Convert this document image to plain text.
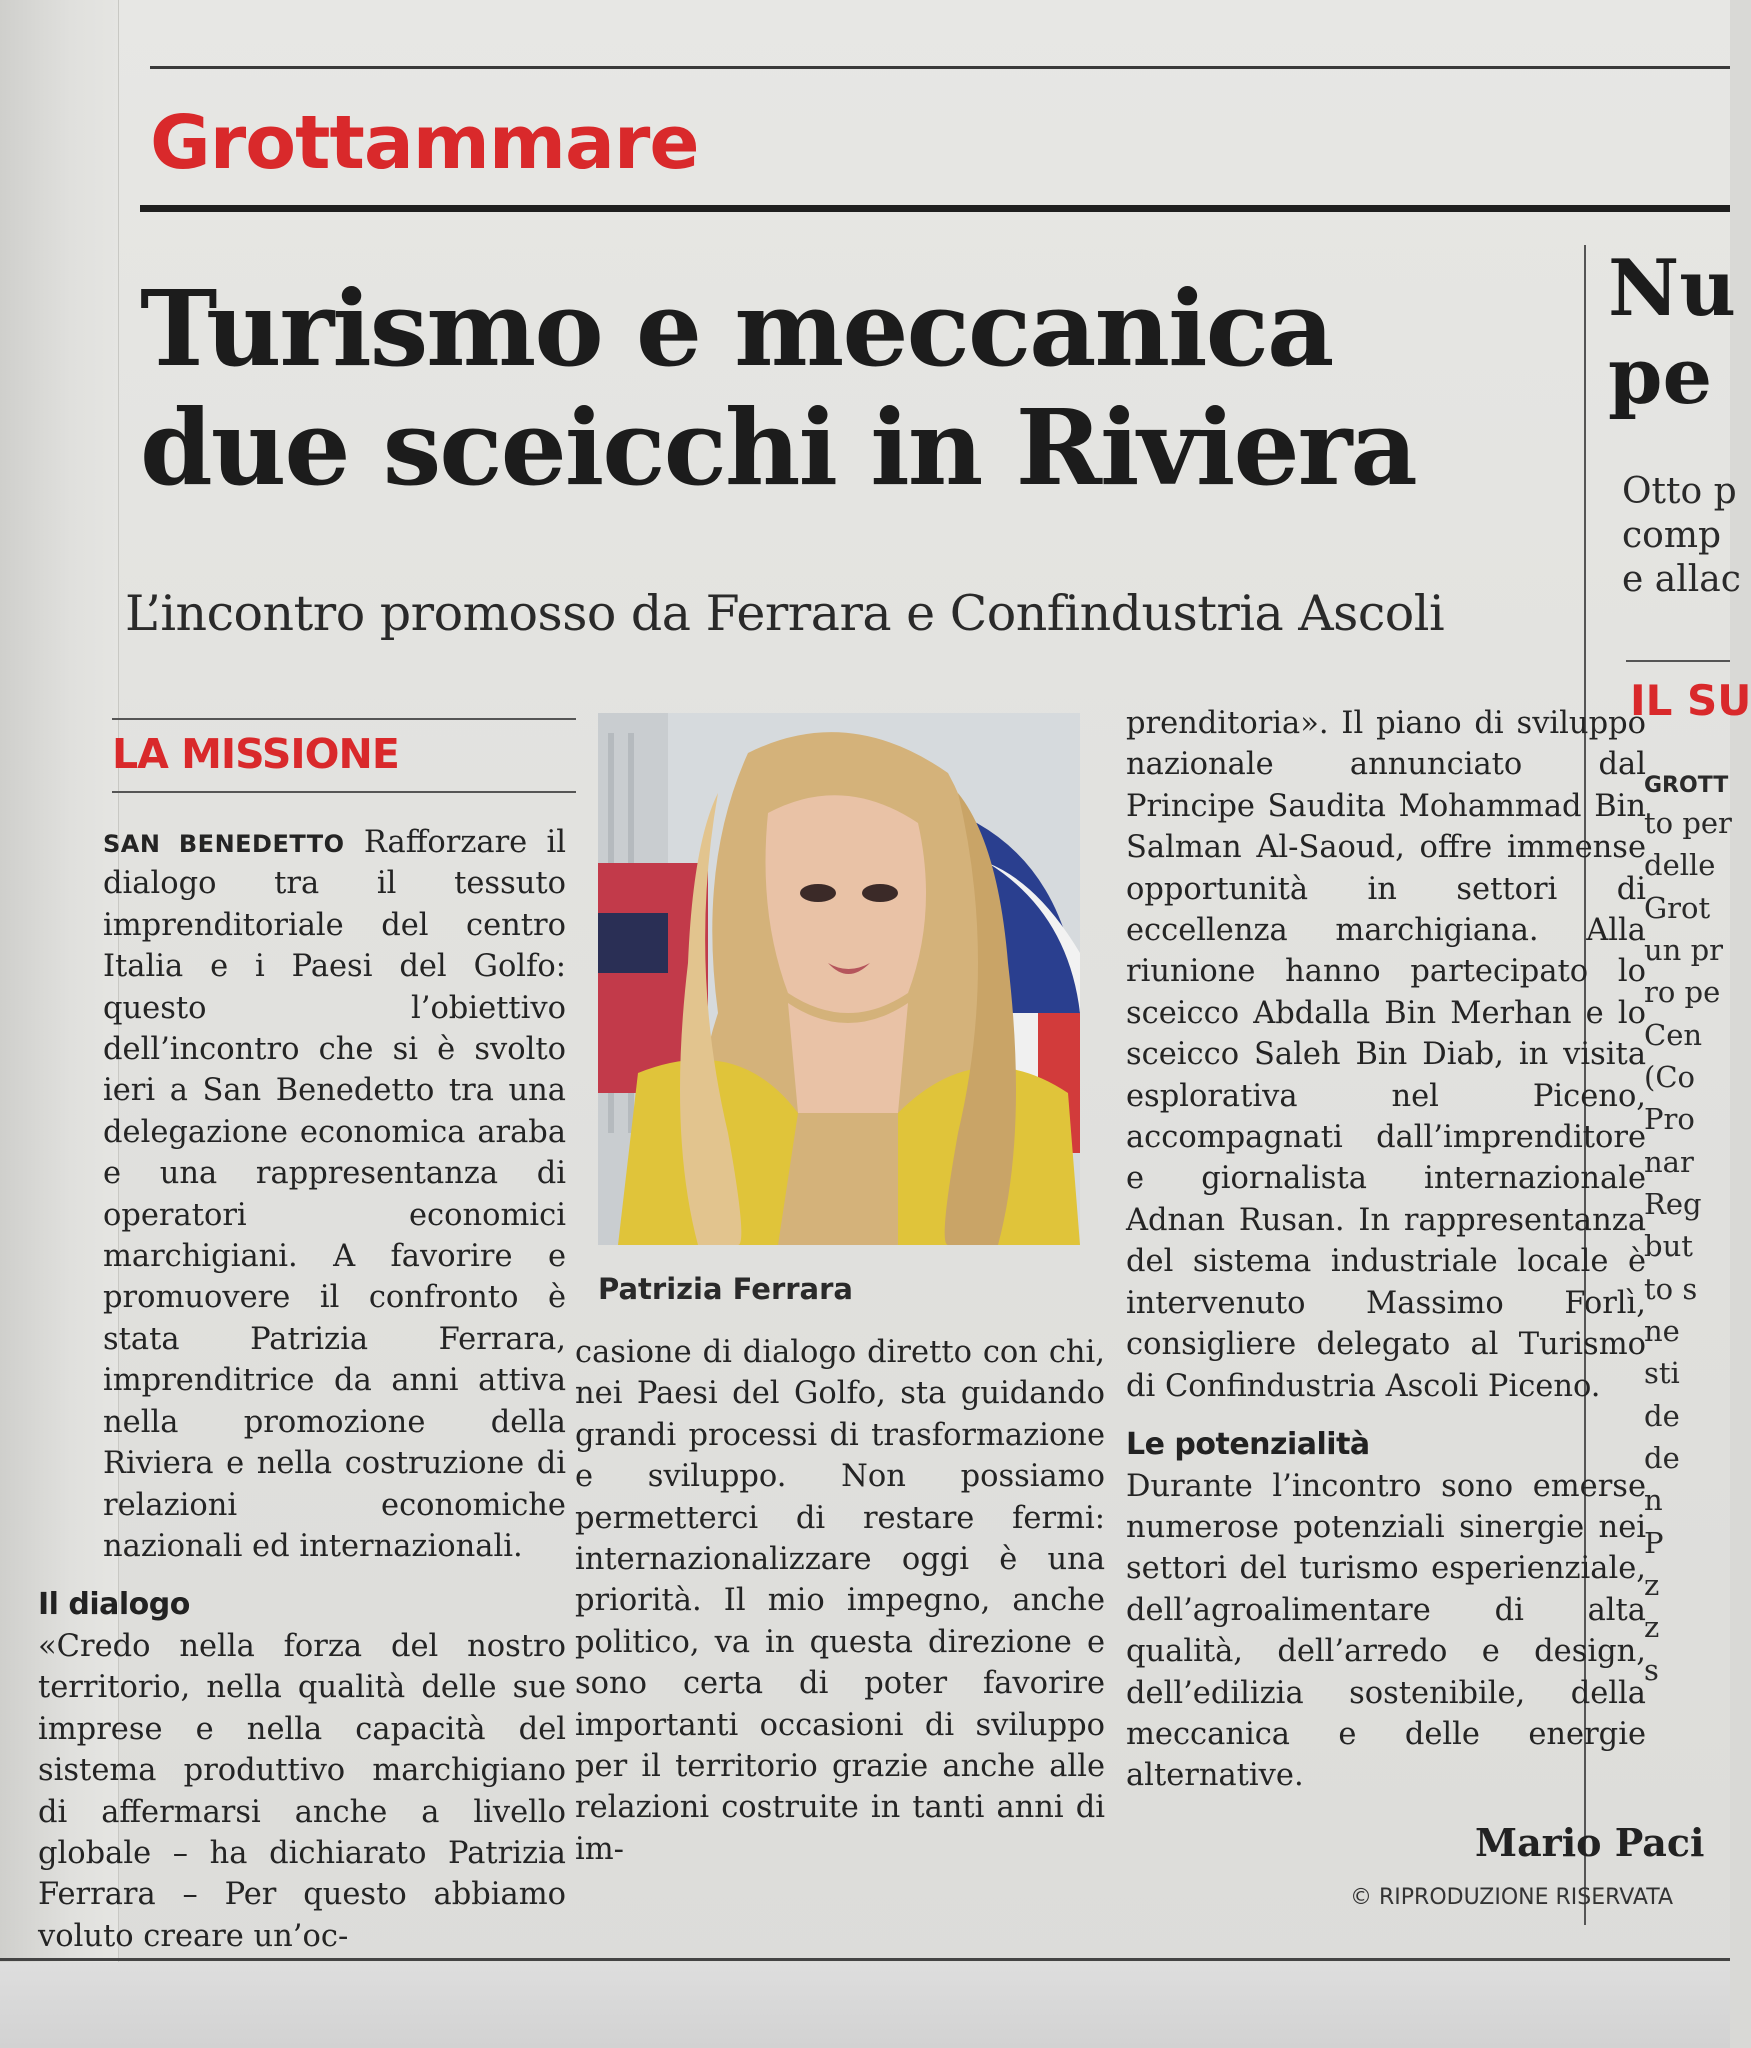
Grottammare
Turismo e meccanica
due sceicchi in Riviera

L’incontro promosso da Ferrara e Confindustria Ascoli

Nu
pe
Otto p
comp
e allac
IL SU
GROTT
to per
delle
Grot
un pr
ro pe
Cen
(Co
Pro
nar
Reg
but
to s
ne
sti
de
de
n
P
z
z
s
LA MISSIONE

SAN BENEDETTO Rafforzare il dialogo tra il tessuto imprenditoriale del centro Italia e i Paesi del Golfo: questo l’obiettivo dell’incontro che si è svolto ieri a San Benedetto tra una delegazione economica araba e una rappresentanza di operatori economici marchigiani. A favorire e promuovere il confronto è stata Patrizia Ferrara, imprenditrice da anni attiva nella promozione della Riviera e nella costruzione di relazioni economiche nazionali ed internazionali.

Il dialogo

«Credo nella forza del nostro territorio, nella qualità delle sue imprese e nella capacità del sistema produttivo marchigiano di affermarsi anche a livello globale – ha dichiarato Patrizia Ferrara – Per questo abbiamo voluto creare un’oc-

Patrizia Ferrara

casione di dialogo diretto con chi, nei Paesi del Golfo, sta guidando grandi processi di trasformazione e sviluppo. Non possiamo permetterci di restare fermi: internazionalizzare oggi è una priorità. Il mio impegno, anche politico, va in questa direzione e sono certa di poter favorire importanti occasioni di sviluppo per il territorio grazie anche alle relazioni costruite in tanti anni di im-

prenditoria». Il piano di sviluppo nazionale annunciato dal Principe Saudita Mohammad Bin Salman Al-Saoud, offre immense opportunità in settori di eccellenza marchigiana. Alla riunione hanno partecipato lo sceicco Abdalla Bin Merhan e lo sceicco Saleh Bin Diab, in visita esplorativa nel Piceno, accompagnati dall’imprenditore e giornalista internazionale Adnan Rusan. In rappresentanza del sistema industriale locale è intervenuto Massimo Forlì, consigliere delegato al Turismo di Confindustria Ascoli Piceno.

Le potenzialità

Durante l’incontro sono emerse numerose potenziali sinergie nei settori del turismo esperienziale, dell’agroalimentare di alta qualità, dell’arredo e design, dell’edilizia sostenibile, della meccanica e delle energie alternative.

Mario Paci
© RIPRODUZIONE RISERVATA
